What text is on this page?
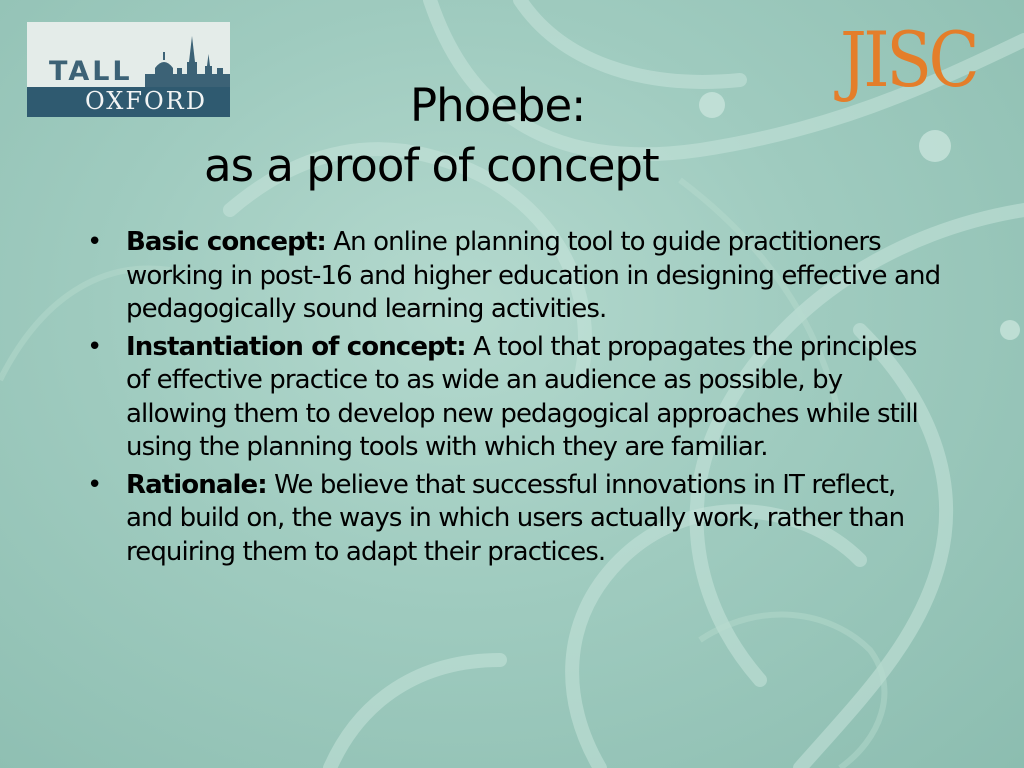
TALL
OXFORD	JISC
Phoebe:
as a proof of concept
• Basic concept: An online planning tool to guide practitioners working in post-16 and higher education in designing effective and pedagogically sound learning activities.
• Instantiation of concept: A tool that propagates the principles of effective practice to as wide an audience as possible, by allowing them to develop new pedagogical approaches while still using the planning tools with which they are familiar.
• Rationale: We believe that successful innovations in IT reflect, and build on, the ways in which users actually work, rather than requiring them to adapt their practices.
